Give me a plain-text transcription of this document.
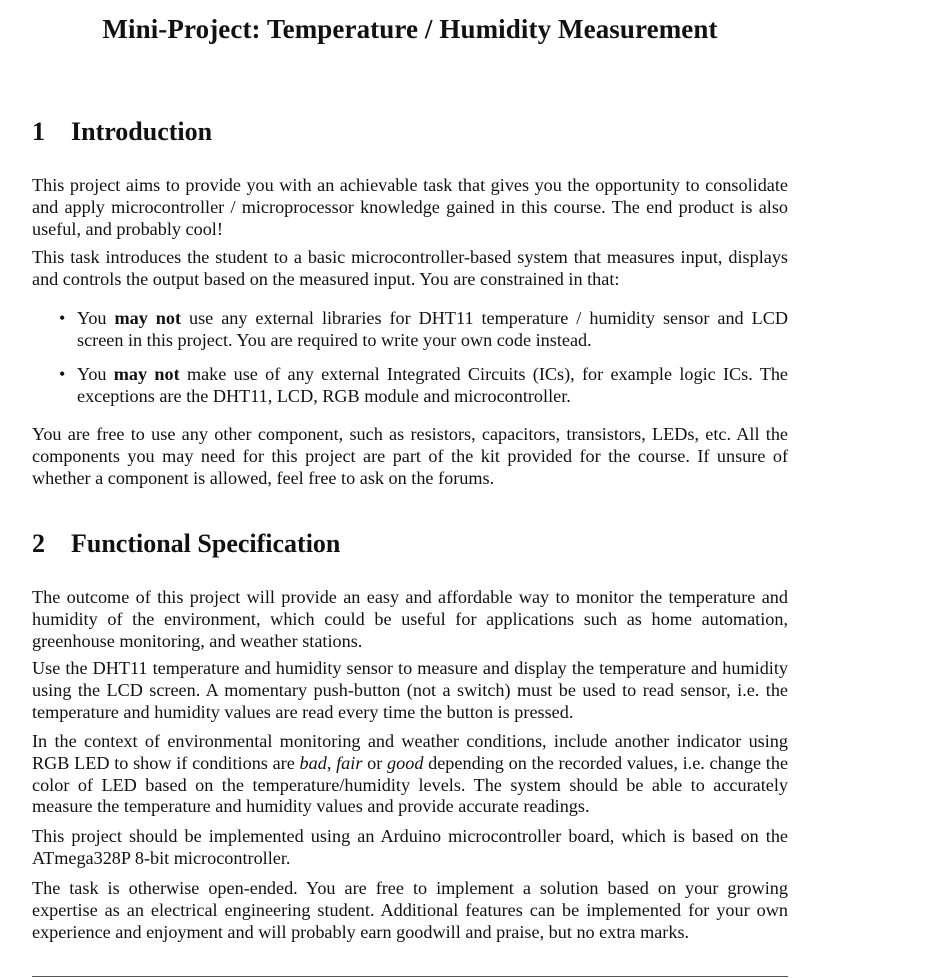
Mini-Project: Temperature / Humidity Measurement
1 Introduction

This project aims to provide you with an achievable task that gives you the opportunity to consolidate and apply microcontroller / microprocessor knowledge gained in this course. The end product is also useful, and probably cool!

This task introduces the student to a basic microcontroller-based system that measures input, displays and controls the output based on the measured input. You are constrained in that:

• You may not use any external libraries for DHT11 temperature / humidity sensor and LCD screen in this project. You are required to write your own code instead.
• You may not make use of any external Integrated Circuits (ICs), for example logic ICs. The exceptions are the DHT11, LCD, RGB module and microcontroller.

You are free to use any other component, such as resistors, capacitors, transistors, LEDs, etc. All the components you may need for this project are part of the kit provided for the course. If unsure of whether a component is allowed, feel free to ask on the forums.

2 Functional Specification

The outcome of this project will provide an easy and affordable way to monitor the temperature and humidity of the environment, which could be useful for applications such as home automation, greenhouse monitoring, and weather stations.

Use the DHT11 temperature and humidity sensor to measure and display the temperature and humidity using the LCD screen. A momentary push-button (not a switch) must be used to read sensor, i.e. the temperature and humidity values are read every time the button is pressed.

In the context of environmental monitoring and weather conditions, include another indicator using RGB LED to show if conditions are bad, fair or good depending on the recorded values, i.e. change the color of LED based on the temperature/humidity levels. The system should be able to accurately measure the temperature and humidity values and provide accurate readings.

This project should be implemented using an Arduino microcontroller board, which is based on the ATmega328P 8-bit microcontroller.

The task is otherwise open-ended. You are free to implement a solution based on your growing expertise as an electrical engineering student. Additional features can be implemented for your own experience and enjoyment and will probably earn goodwill and praise, but no extra marks.
